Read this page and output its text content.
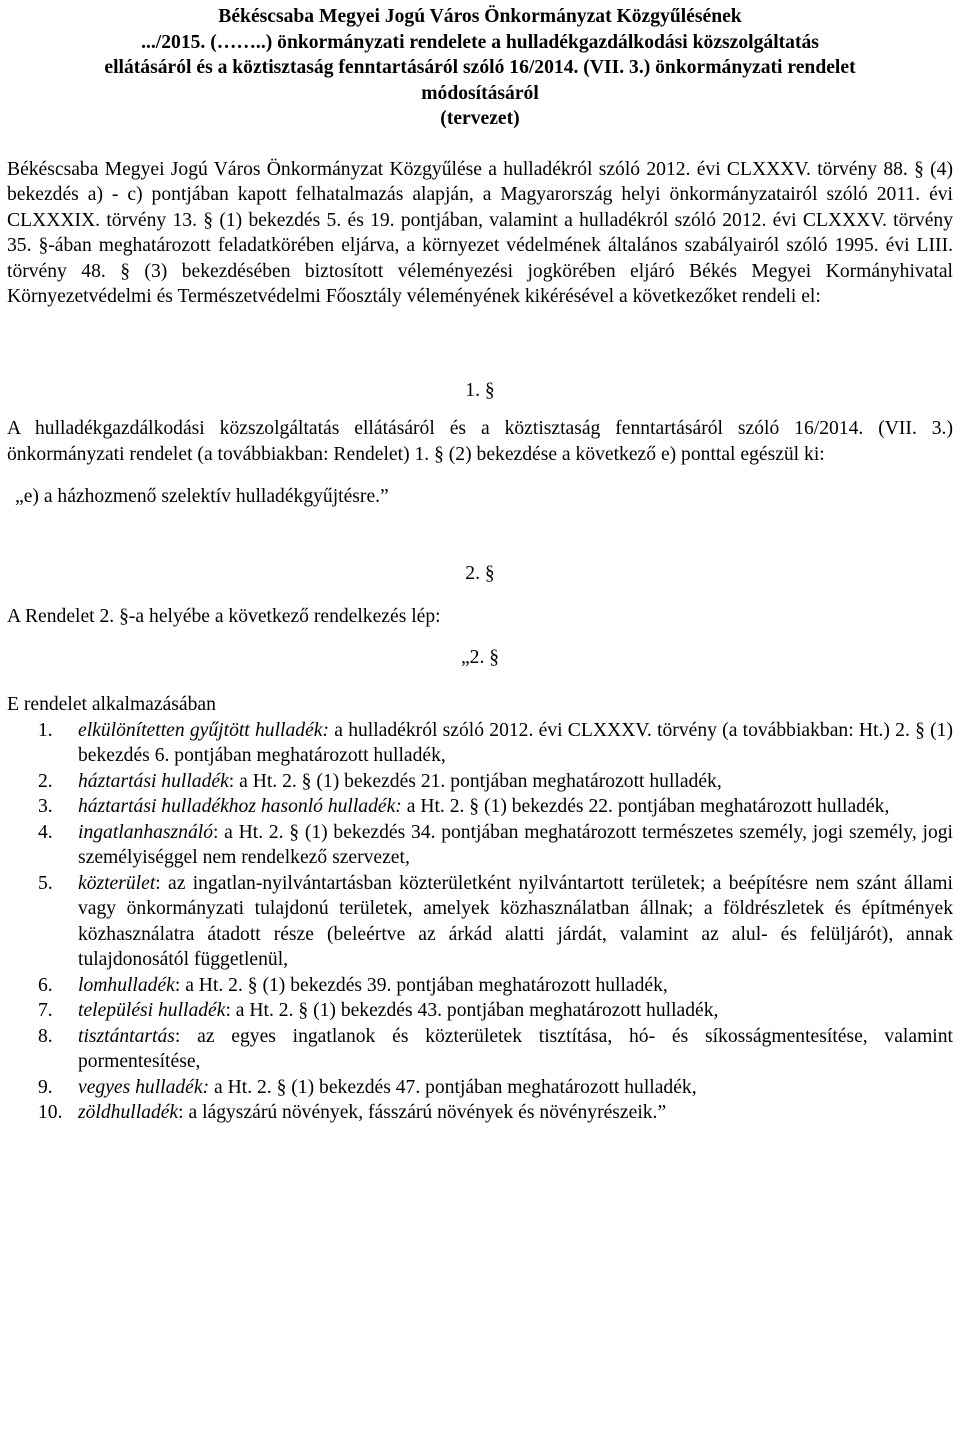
Békéscsaba Megyei Jogú Város Önkormányzat Közgyűlésének
.../2015. (……..) önkormányzati rendelete a hulladékgazdálkodási közszolgáltatás
ellátásáról és a köztisztaság fenntartásáról szóló 16/2014. (VII. 3.) önkormányzati rendelet
módosításáról
(tervezet)

Békéscsaba Megyei Jogú Város Önkormányzat Közgyűlése a hulladékról szóló 2012. évi CLXXXV. törvény 88. § (4) bekezdés a) - c) pontjában kapott felhatalmazás alapján, a Magyarország helyi önkormányzatairól szóló 2011. évi CLXXXIX. törvény 13. § (1) bekezdés 5. és 19. pontjában, valamint a hulladékról szóló 2012. évi CLXXXV. törvény 35. §-ában meghatározott feladatkörében eljárva, a környezet védelmének általános szabályairól szóló 1995. évi LIII. törvény 48. § (3) bekezdésében biztosított véleményezési jogkörében eljáró Békés Megyei Kormányhivatal Környezetvédelmi és Természetvédelmi Főosztály véleményének kikérésével a következőket rendeli el:

1. §

A hulladékgazdálkodási közszolgáltatás ellátásáról és a köztisztaság fenntartásáról szóló 16/2014. (VII. 3.) önkormányzati rendelet (a továbbiakban: Rendelet) 1. § (2) bekezdése a következő e) ponttal egészül ki:

„e) a házhozmenő szelektív hulladékgyűjtésre.”

2. §

A Rendelet 2. §-a helyébe a következő rendelkezés lép:

„2. §

E rendelet alkalmazásában

1.	elkülönítetten gyűjtött hulladék: a hulladékról szóló 2012. évi CLXXXV. törvény (a továbbiakban: Ht.) 2. § (1) bekezdés 6. pontjában meghatározott hulladék,
2.	háztartási hulladék: a Ht. 2. § (1) bekezdés 21. pontjában meghatározott hulladék,
3.	háztartási hulladékhoz hasonló hulladék: a Ht. 2. § (1) bekezdés 22. pontjában meghatározott hulladék,
4.	ingatlanhasználó: a Ht. 2. § (1) bekezdés 34. pontjában meghatározott természetes személy, jogi személy, jogi személyiséggel nem rendelkező szervezet,
5.	közterület: az ingatlan-nyilvántartásban közterületként nyilvántartott területek; a beépítésre nem szánt állami vagy önkormányzati tulajdonú területek, amelyek közhasználatban állnak; a földrészletek és építmények közhasználatra átadott része (beleértve az árkád alatti járdát, valamint az alul- és felüljárót), annak tulajdonosától függetlenül,
6.	lomhulladék: a Ht. 2. § (1) bekezdés 39. pontjában meghatározott hulladék,
7.	települési hulladék: a Ht. 2. § (1) bekezdés 43. pontjában meghatározott hulladék,
8.	tisztántartás: az egyes ingatlanok és közterületek tisztítása, hó- és síkosságmentesítése, valamint pormentesítése,
9.	vegyes hulladék: a Ht. 2. § (1) bekezdés 47. pontjában meghatározott hulladék,
10. zöldhulladék: a lágyszárú növények, fásszárú növények és növényrészeik.”
